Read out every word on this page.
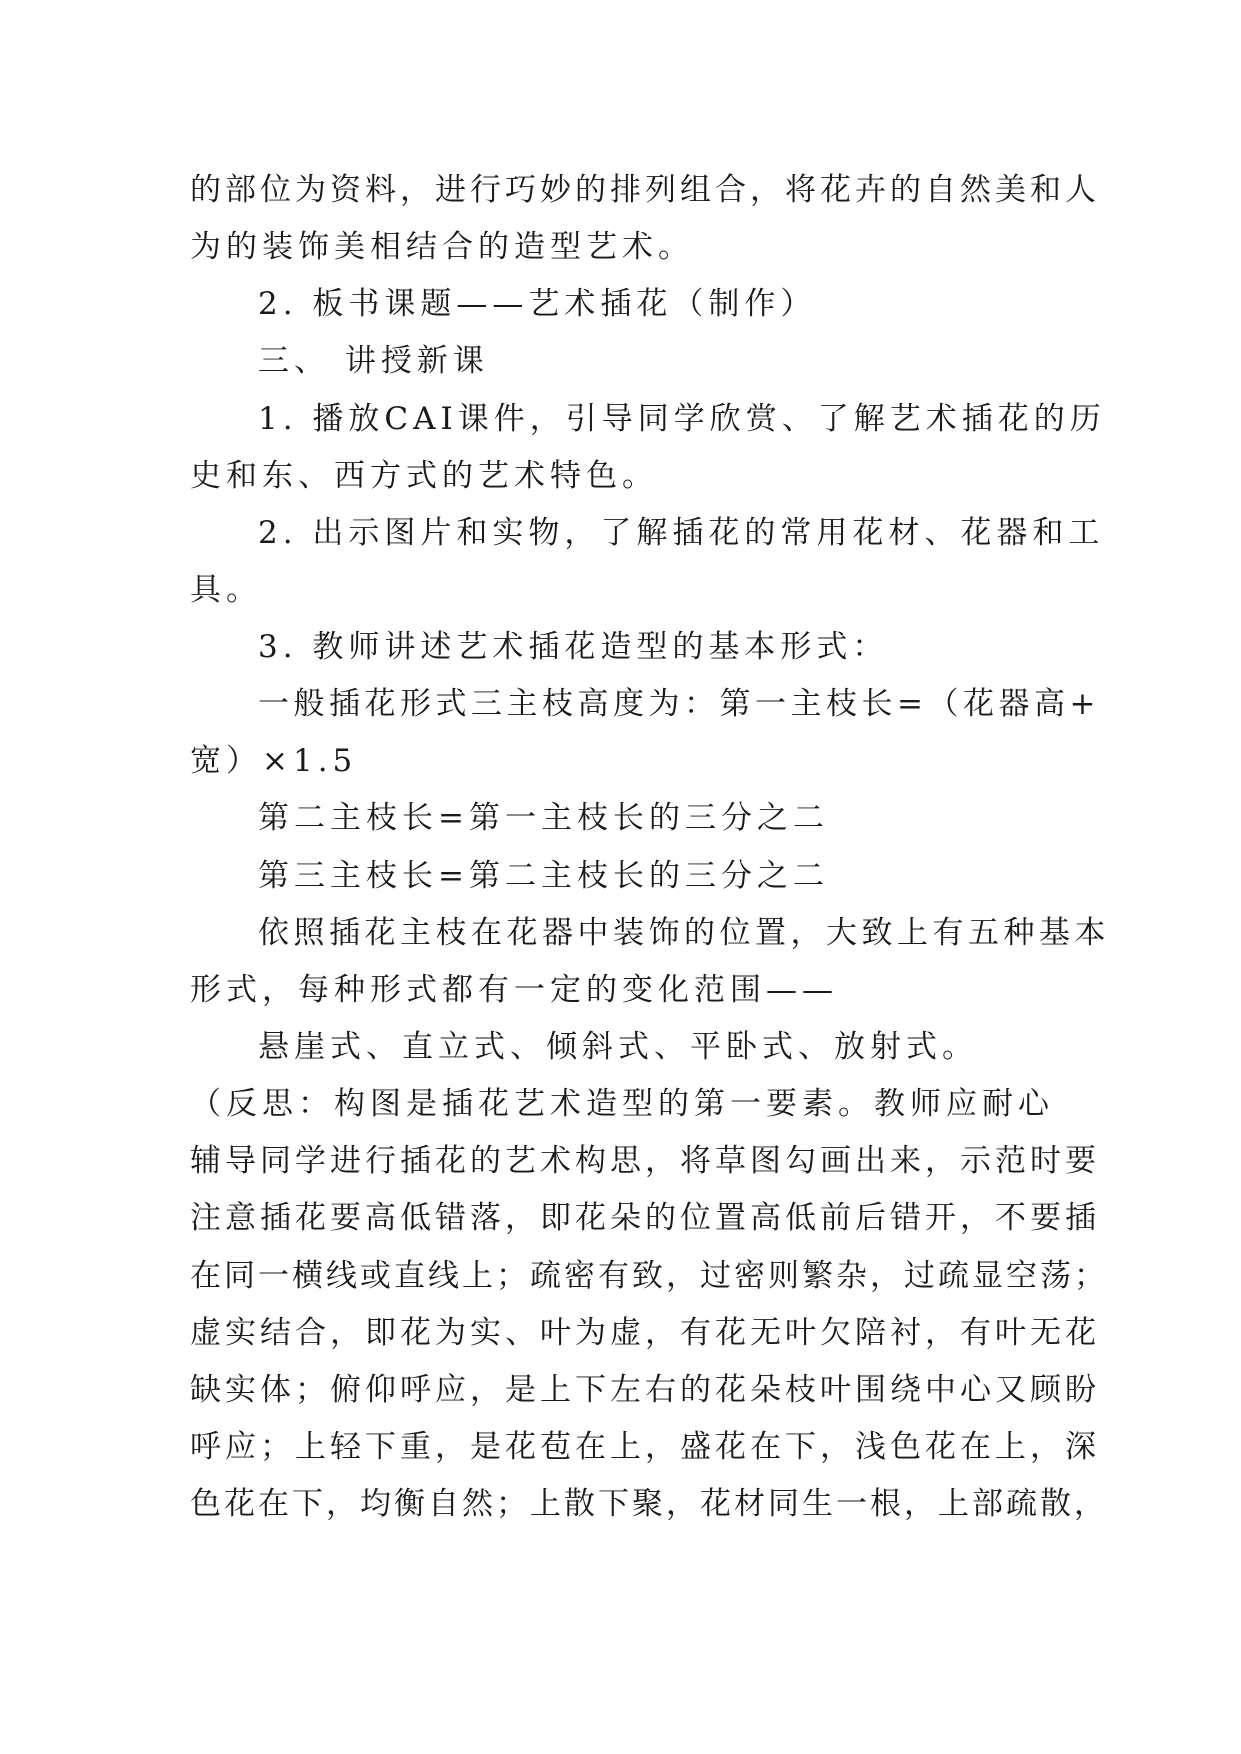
的部位为资料，进行巧妙的排列组合，将花卉的自然美和人
为的装饰美相结合的造型艺术。
2. 板书课题——艺术插花（制作）
三、 讲授新课
1. 播放CAI课件，引导同学欣赏、了解艺术插花的历
史和东、西方式的艺术特色。
2. 出示图片和实物，了解插花的常用花材、花器和工
具。
3. 教师讲述艺术插花造型的基本形式：
一般插花形式三主枝高度为：第一主枝长=（花器高+
宽）×1.5
第二主枝长=第一主枝长的三分之二
第三主枝长=第二主枝长的三分之二
依照插花主枝在花器中装饰的位置，大致上有五种基本
形式，每种形式都有一定的变化范围——
悬崖式、直立式、倾斜式、平卧式、放射式。
（反思：构图是插花艺术造型的第一要素。教师应耐心
辅导同学进行插花的艺术构思，将草图勾画出来，示范时要
注意插花要高低错落，即花朵的位置高低前后错开，不要插
在同一横线或直线上；疏密有致，过密则繁杂，过疏显空荡；
虚实结合，即花为实、叶为虚，有花无叶欠陪衬，有叶无花
缺实体；俯仰呼应，是上下左右的花朵枝叶围绕中心又顾盼
呼应；上轻下重，是花苞在上，盛花在下，浅色花在上，深
色花在下，均衡自然；上散下聚，花材同生一根，上部疏散，
